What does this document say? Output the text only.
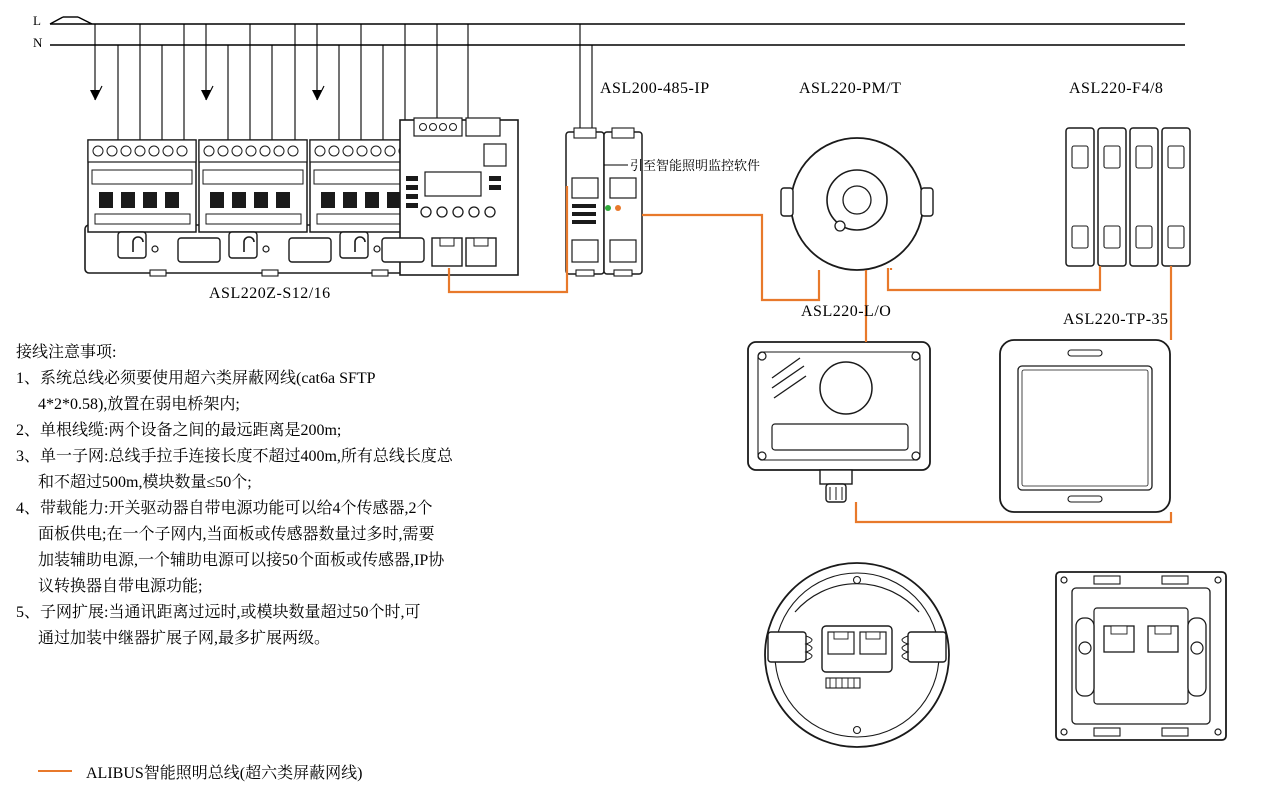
L
N
ASL220Z-S12/16
ASL200-485-IP	ASL220-PM/T	ASL220-F4/8
ASL220-L/O	ASL220-TP-35
引至智能照明监控软件
接线注意事项:
1、系统总线必须要使用超六类屏蔽网线(cat6a SFTP
4*2*0.58),放置在弱电桥架内;
2、单根线缆:两个设备之间的最远距离是200m;
3、单一子网:总线手拉手连接长度不超过400m,所有总线长度总
和不超过500m,模块数量≤50个;
4、带载能力:开关驱动器自带电源功能可以给4个传感器,2个
面板供电;在一个子网内,当面板或传感器数量过多时,需要
加装辅助电源,一个辅助电源可以接50个面板或传感器,IP协
议转换器自带电源功能;
5、子网扩展:当通讯距离过远时,或模块数量超过50个时,可
通过加装中继器扩展子网,最多扩展两级。
ALIBUS智能照明总线(超六类屏蔽网线)
